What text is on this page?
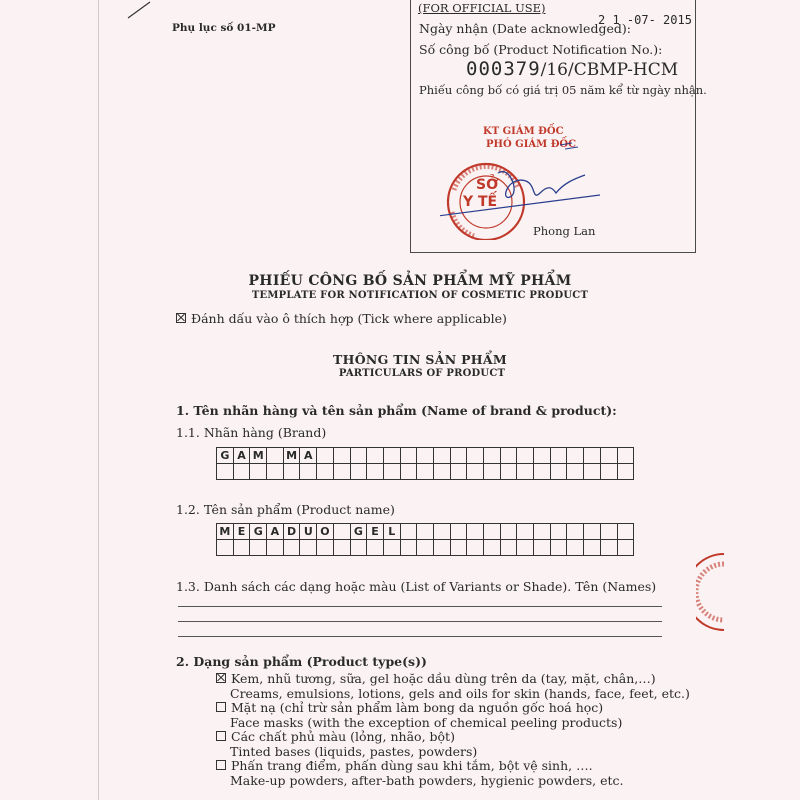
Phụ lục số 01-MP
(FOR OFFICIAL USE)
Ngày nhận (Date acknowledged):
2 1 -07- 2015
Số công bố (Product Notification No.):
000379/16/CBMP-HCM
Phiếu công bố có giá trị 05 năm kể từ ngày nhận.
KT GIÁM ĐỐC
PHÓ GIÁM ĐỐC
SỞ
Y TẾ
Phong Lan
PHIẾU CÔNG BỐ SẢN PHẨM MỸ PHẨM
TEMPLATE FOR NOTIFICATION OF COSMETIC PRODUCT
Đánh dấu vào ô thích hợp (Tick where applicable)
THÔNG TIN SẢN PHẨM
PARTICULARS OF PRODUCT
1. Tên nhãn hàng và tên sản phẩm (Name of brand & product):
1.1. Nhãn hàng (Brand)
G	A	M		M	A																			

1.2. Tên sản phẩm (Product name)
M	E	G	A	D	U	O		G	E	L														

1.3. Danh sách các dạng hoặc màu (List of Variants or Shade). Tên (Names)
2. Dạng sản phẩm (Product type(s))
Kem, nhũ tương, sữa, gel hoặc dầu dùng trên da (tay, mặt, chân,…)
Creams, emulsions, lotions, gels and oils for skin (hands, face, feet, etc.)
Mặt nạ (chỉ trừ sản phẩm làm bong da nguồn gốc hoá học)
Face masks (with the exception of chemical peeling products)
Các chất phủ màu (lỏng, nhão, bột)
Tinted bases (liquids, pastes, powders)
Phấn trang điểm, phấn dùng sau khi tắm, bột vệ sinh, ….
Make-up powders, after-bath powders, hygienic powders, etc.
